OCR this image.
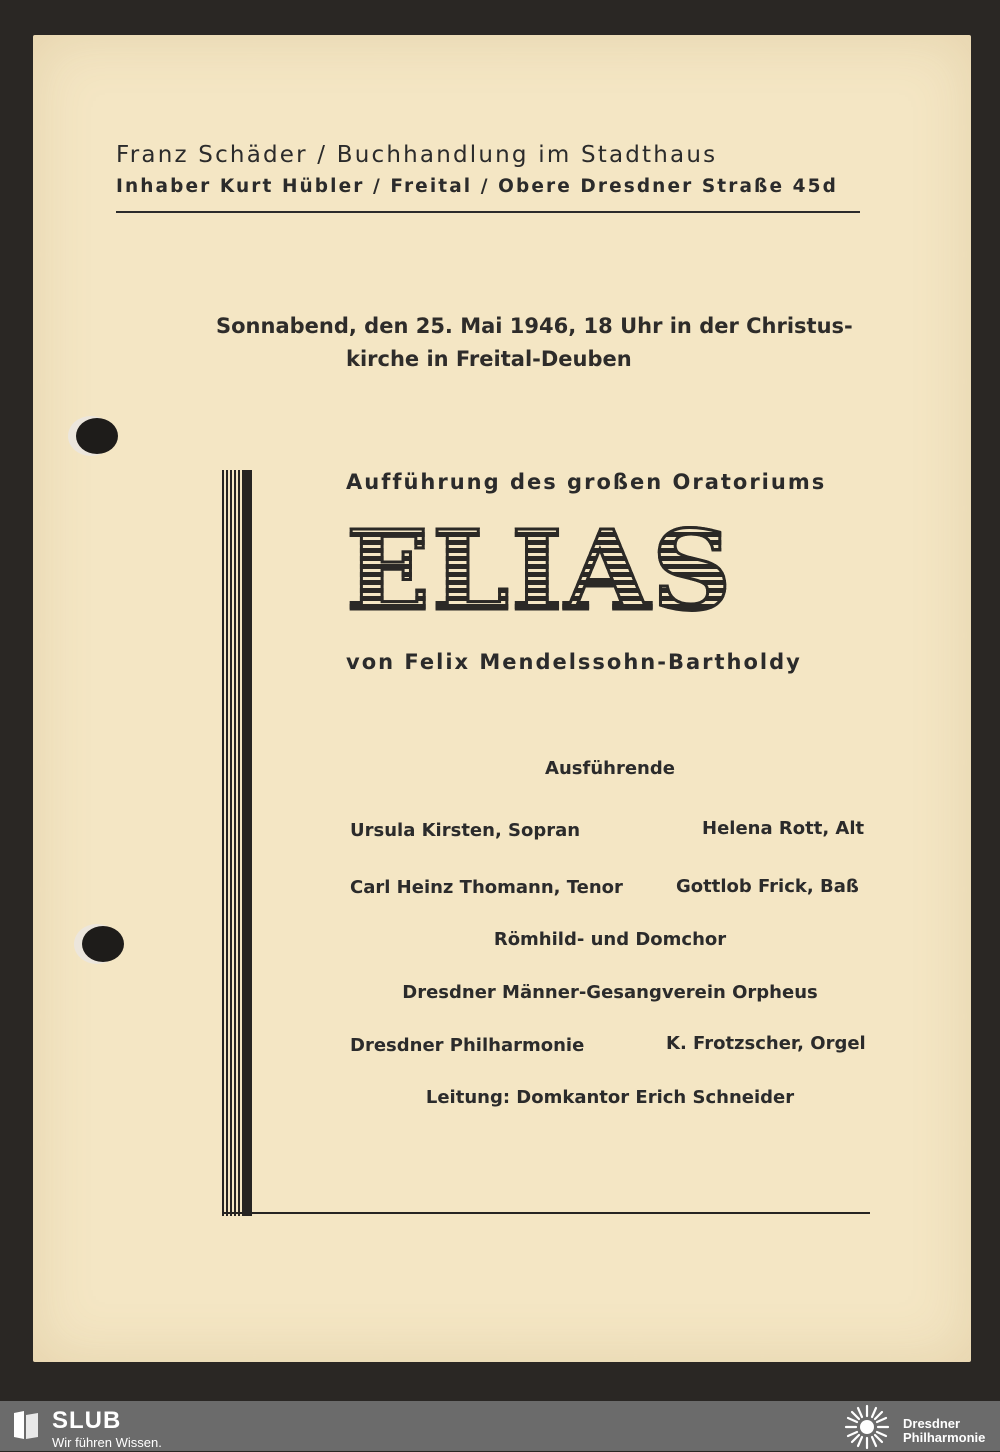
Franz Schäder / Buchhandlung im Stadthaus
Inhaber Kurt Hübler / Freital / Obere Dresdner Straße 45d
Sonnabend, den 25. Mai 1946, 18 Uhr in der Christus-
kirche in Freital-Deuben
Aufführung des großen Oratoriums
ELIAS
von Felix Mendelssohn-Bartholdy
Ausführende
Ursula Kirsten, Sopran	Helena Rott, Alt
Carl Heinz Thomann, Tenor	Gottlob Frick, Baß
Römhild- und Domchor
Dresdner Männer-Gesangverein Orpheus
Dresdner Philharmonie	K. Frotzscher, Orgel
Leitung: Domkantor Erich Schneider
SLUB
Wir führen Wissen.
Dresdner
Philharmonie
